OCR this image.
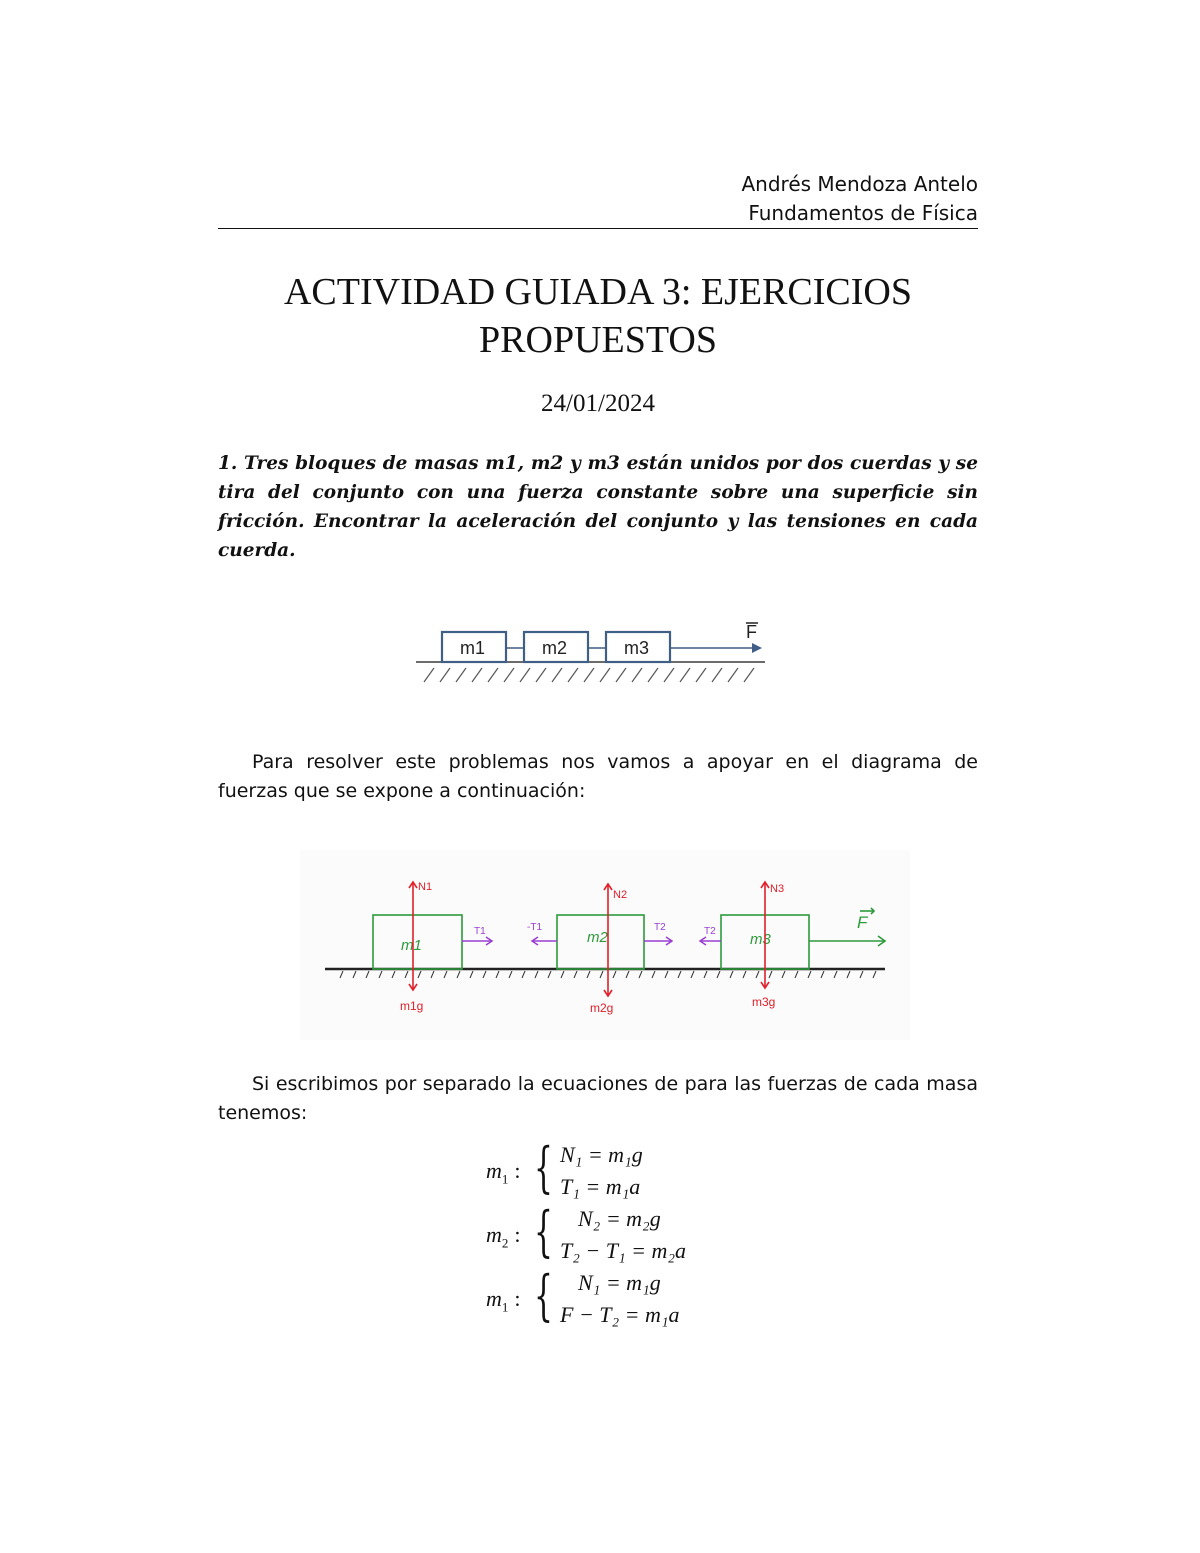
Andrés Mendoza Antelo
Fundamentos de Física
ACTIVIDAD GUIADA 3: EJERCICIOS
PROPUESTOS
24/01/2024
1. Tres bloques de masas m1, m2 y m3 están unidos por dos cuerdas y se tira del conjunto con una fuerza constante sobre una superficie sin fricción. Encontrar la aceleración del conjunto y las tensiones en cada cuerda.
m1	m2	m3
F
Para resolver este problemas nos vamos a apoyar en el diagrama de fuerzas que se expone a continuación:
m1	m2	m3
N1
N2	N3
m1g	m2g	m3g
T1	-T1	T2	T2	F
Si escribimos por separado la ecuaciones de para las fuerzas de cada masa tenemos:
$m_1$ : { N₁ = m₁g
T₁ = m₁a
$m_2$ : { N₂ = m₂g
T₂ − T₁ = m₂a
$m_1$ : { N₁ = m₁g
F − T₂ = m₁a
